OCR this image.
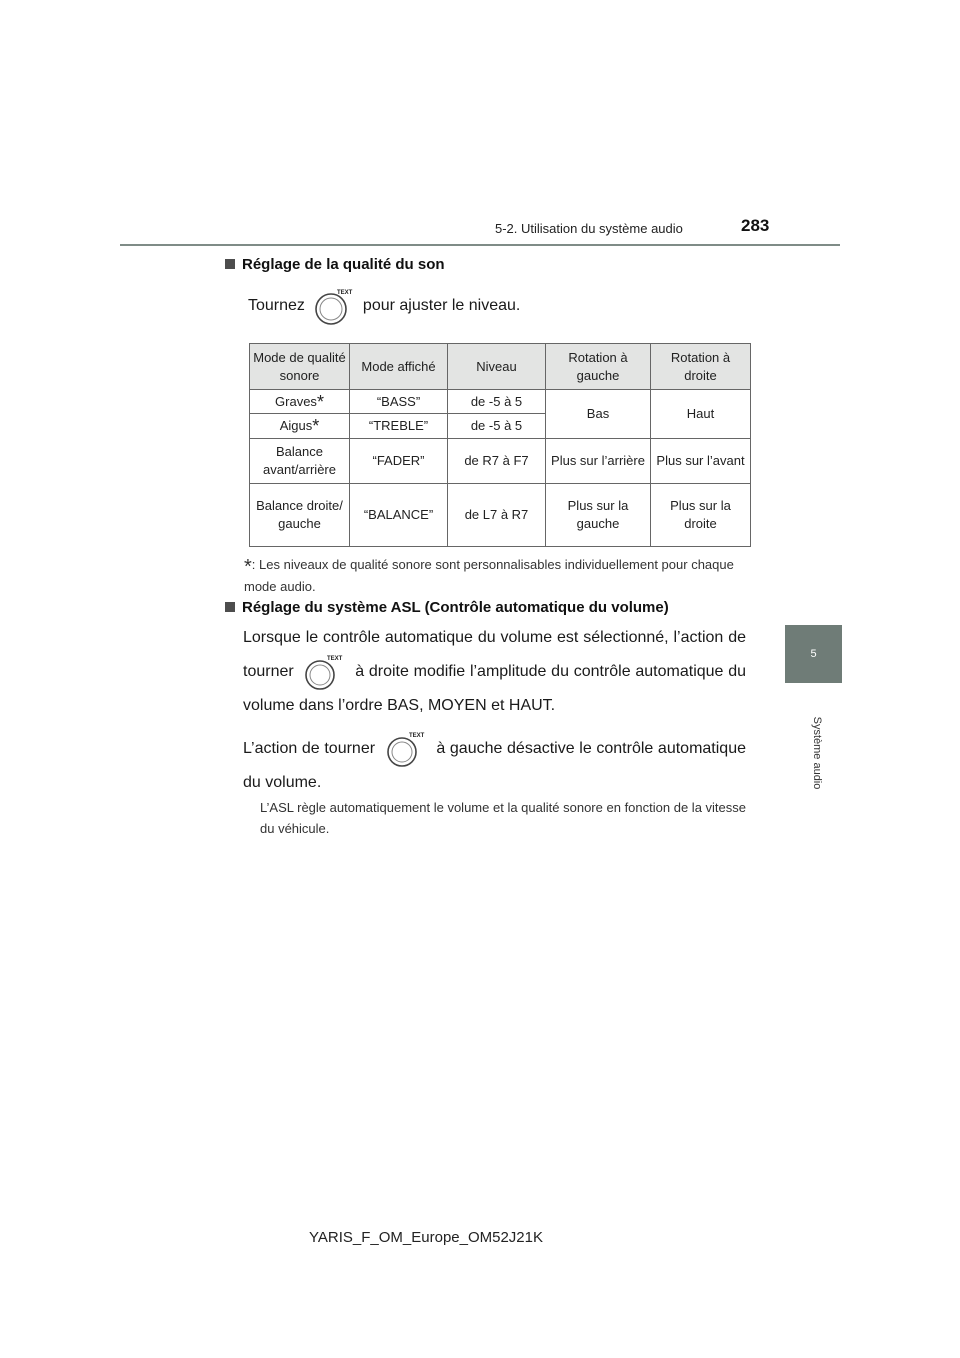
5-2. Utilisation du système audio	283
5
Système audio
Réglage de la qualité du son
Tournez
TEXT
pour ajuster le niveau.
Mode de qualité sonore	Mode affiché	Niveau	Rotation à gauche	Rotation à droite
Graves*	“BASS”	de -5 à 5	Bas	Haut
Aigus*	“TREBLE”	de -5 à 5		
Balance avant/arrière	“FADER”	de R7 à F7	Plus sur l’arrière	Plus sur l’avant
Balance droite/ gauche	“BALANCE”	de L7 à R7	Plus sur la gauche	Plus sur la droite
*: Les niveaux de qualité sonore sont personnalisables individuellement pour chaque mode audio.
Réglage du système ASL (Contrôle automatique du volume)
Lorsque le contrôle automatique du volume est sélectionné, l’action de tourner
TEXT
à droite modifie l’amplitude du contrôle automatique du volume dans l’ordre BAS, MOYEN et HAUT.
L’action de tourner
TEXT
à gauche désactive le contrôle automatique du volume.
L’ASL règle automatiquement le volume et la qualité sonore en fonction de la vitesse du véhicule.
YARIS_F_OM_Europe_OM52J21K
